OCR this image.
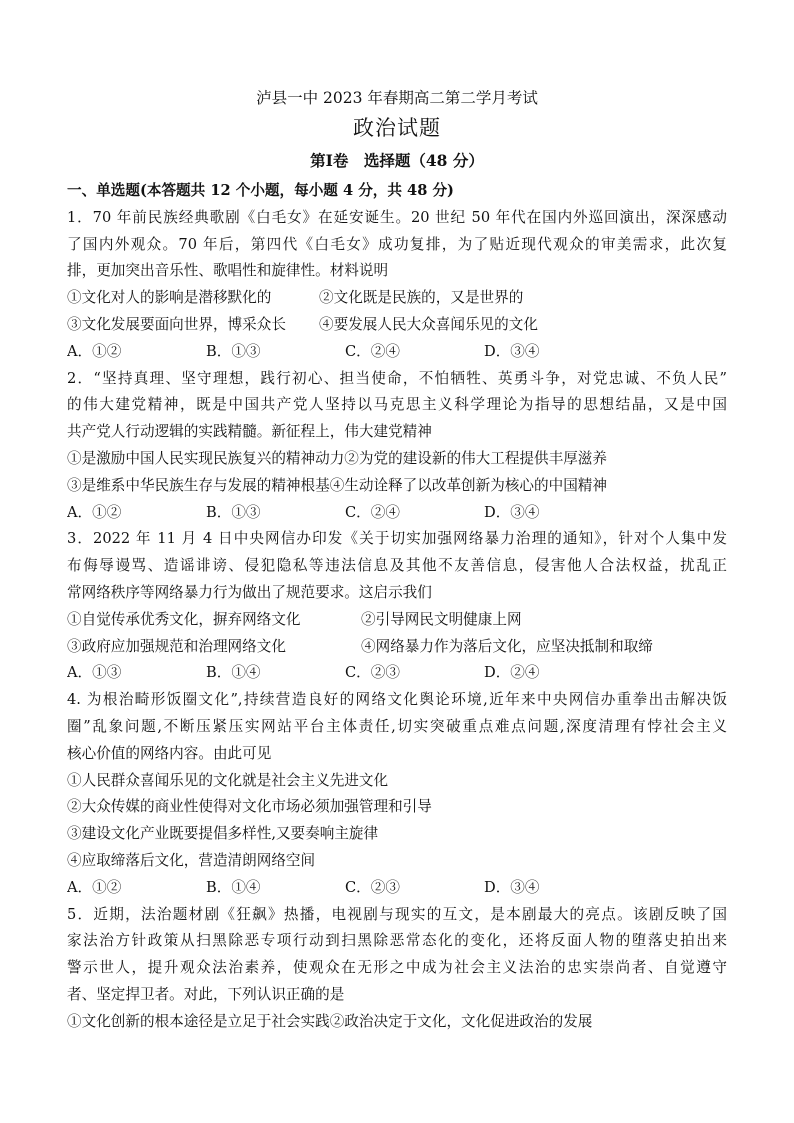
泸县一中 2023 年春期高二第二学月考试
政治试题
第Ⅰ卷　选择题（48 分）
一、单选题(本答题共 12 个小题，每小题 4 分，共 48 分)
1．70 年前民族经典歌剧《白毛女》在延安诞生。20 世纪 50 年代在国内外巡回演出，深深感动
了国内外观众。70 年后，第四代《白毛女》成功复排，为了贴近现代观众的审美需求，此次复
排，更加突出音乐性、歌唱性和旋律性。材料说明
①文化对人的影响是潜移默化的	②文化既是民族的，又是世界的
③文化发展要面向世界，博采众长 ④要发展人民大众喜闻乐见的文化
A．①②	B．①③	C．②④	D．③④
2．“坚持真理、坚守理想，践行初心、担当使命，不怕牺牲、英勇斗争，对党忠诚、不负人民”
的伟大建党精神，既是中国共产党人坚持以马克思主义科学理论为指导的思想结晶，又是中国
共产党人行动逻辑的实践精髓。新征程上，伟大建党精神
①是激励中国人民实现民族复兴的精神动力②为党的建设新的伟大工程提供丰厚滋养
③是维系中华民族生存与发展的精神根基④生动诠释了以改革创新为核心的中国精神
A．①②	B．①③	C．②④	D．③④
3．2022 年 11 月 4 日中央网信办印发《关于切实加强网络暴力治理的通知》，针对个人集中发
布侮辱谩骂、造谣诽谤、侵犯隐私等违法信息及其他不友善信息，侵害他人合法权益，扰乱正
常网络秩序等网络暴力行为做出了规范要求。这启示我们
①自觉传承优秀文化，摒弃网络文化	②引导网民文明健康上网
③政府应加强规范和治理网络文化	④网络暴力作为落后文化，应坚决抵制和取缔
A．①③	B．①④	C．②③	D．②④
4. 为根治畸形饭圈文化”,持续营造良好的网络文化舆论环境,近年来中央网信办重拳出击解决饭
圈”乱象问题,不断压紧压实网站平台主体责任,切实突破重点难点问题,深度清理有悖社会主义
核心价值的网络内容。由此可见
①人民群众喜闻乐见的文化就是社会主义先进文化
②大众传媒的商业性使得对文化市场必须加强管理和引导
③建设文化产业既要提倡多样性,又要奏响主旋律
④应取缔落后文化，营造清朗网络空间
A．①②	B．①④	C．②③	D．③④
5．近期，法治题材剧《狂飙》热播，电视剧与现实的互文，是本剧最大的亮点。该剧反映了国
家法治方针政策从扫黑除恶专项行动到扫黑除恶常态化的变化，还将反面人物的堕落史拍出来
警示世人，提升观众法治素养，使观众在无形之中成为社会主义法治的忠实崇尚者、自觉遵守
者、坚定捍卫者。对此，下列认识正确的是
①文化创新的根本途径是立足于社会实践②政治决定于文化，文化促进政治的发展
